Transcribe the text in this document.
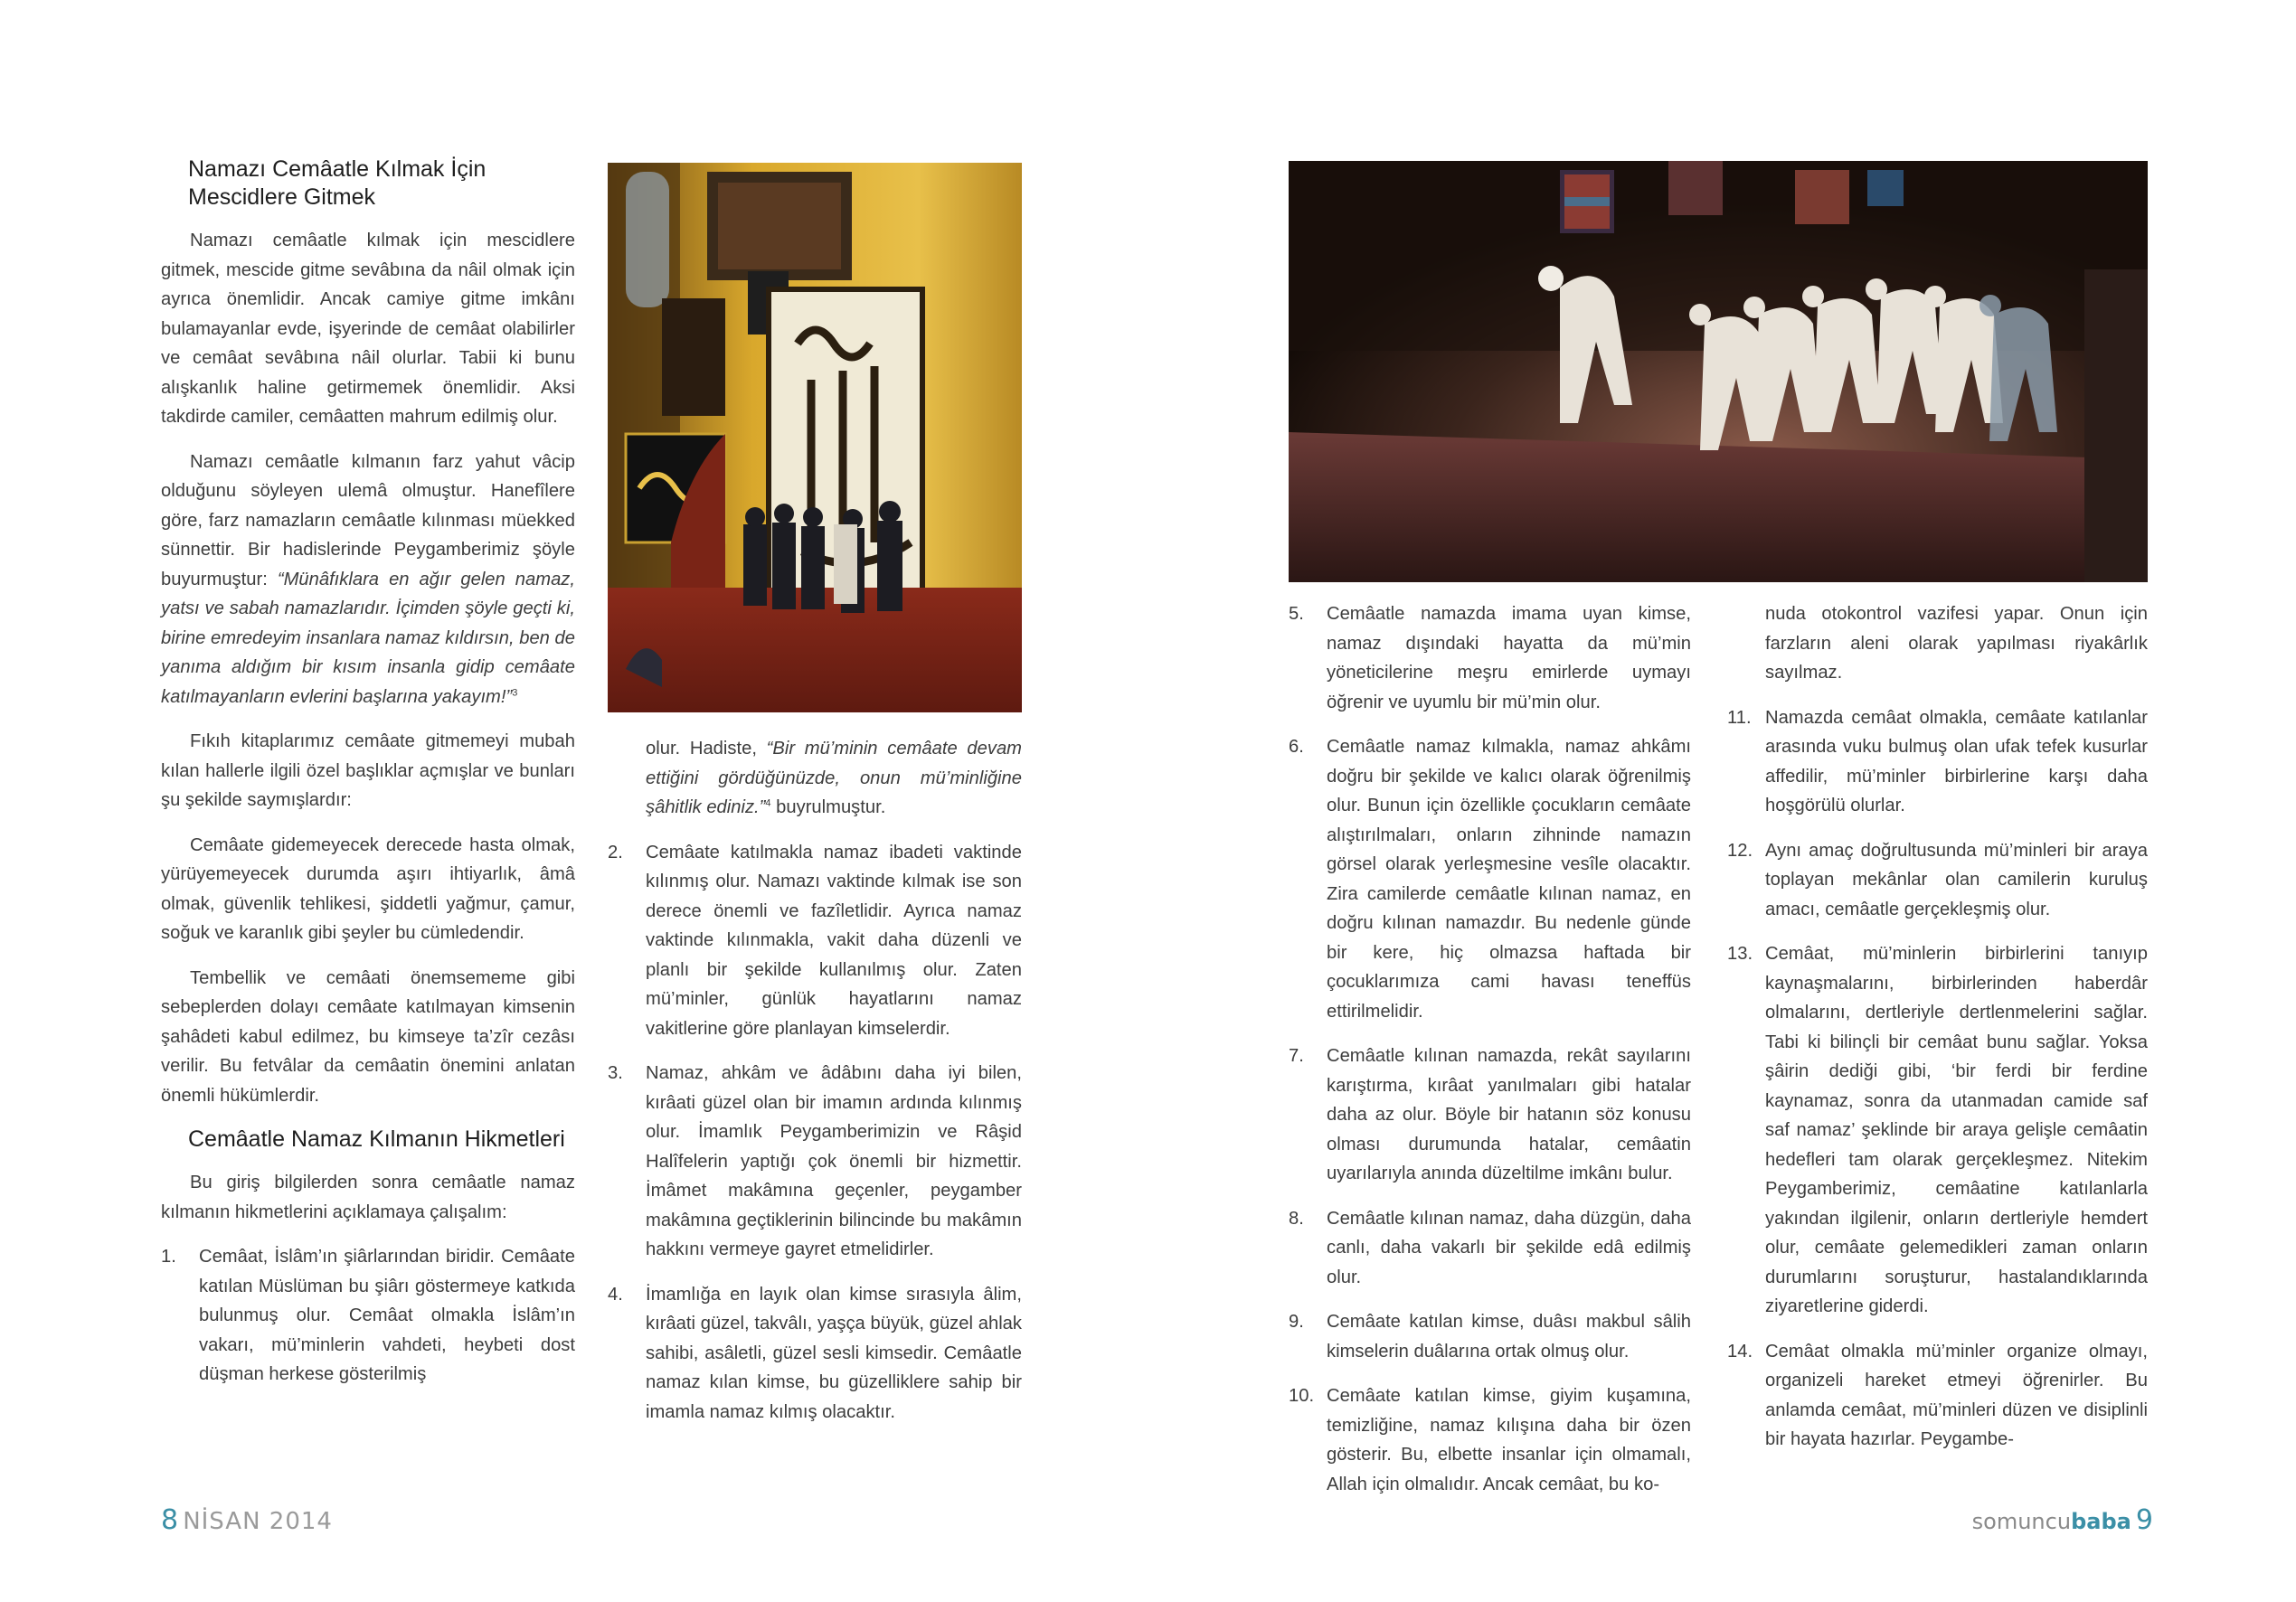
Namazı Cemâatle Kılmak İçin Mescidlere Gitmek

Namazı cemâatle kılmak için mescidlere gitmek, mescide gitme sevâbına da nâil olmak için ayrıca önemlidir. Ancak camiye gitme imkânı bulamayanlar evde, işyerinde de cemâat olabilirler ve cemâat sevâbına nâil olurlar. Tabii ki bunu alışkanlık haline getirmemek önemlidir. Aksi takdirde camiler, cemâatten mahrum edilmiş olur.

Namazı cemâatle kılmanın farz yahut vâcip olduğunu söyleyen ulemâ olmuştur. Hanefîlere göre, farz namazların cemâatle kılınması müekked sünnettir. Bir hadislerinde Peygamberimiz şöyle buyurmuştur: “Münâfıklara en ağır gelen namaz, yatsı ve sabah namazlarıdır. İçimden şöyle geçti ki, birine emredeyim insanlara namaz kıldırsın, ben de yanıma aldığım bir kısım insanla gidip cemâate katılmayanların evlerini başlarına yakayım!”$^3$

Fıkıh kitaplarımız cemâate gitmemeyi mubah kılan hallerle ilgili özel başlıklar açmışlar ve bunları şu şekilde saymışlardır:

Cemâate gidemeyecek derecede hasta olmak, yürüyemeyecek durumda aşırı ihtiyarlık, âmâ olmak, güvenlik tehlikesi, şiddetli yağmur, çamur, soğuk ve karanlık gibi şeyler bu cümledendir.

Tembellik ve cemâati önemsememe gibi sebeplerden dolayı cemâate katılmayan kimsenin şahâdeti kabul edilmez, bu kimseye ta’zîr cezâsı verilir. Bu fetvâlar da cemâatin önemini anlatan önemli hükümlerdir.

Cemâatle Namaz Kılmanın Hikmetleri

Bu giriş bilgilerden sonra cemâatle namaz kılmanın hikmetlerini açıklamaya çalışalım:

1.	Cemâat, İslâm’ın şiârlarından biridir. Cemâate katılan Müslüman bu şiârı göstermeye katkıda bulunmuş olur. Cemâat olmakla İslâm’ın vakarı, mü’minlerin vahdeti, heybeti dost düşman herkese gösterilmiş

olur. Hadiste, “Bir mü’minin cemâate devam ettiğini gördüğünüzde, onun mü’minliğine şâhitlik ediniz.”$^4$ buyrulmuştur.

2.	Cemâate katılmakla namaz ibadeti vaktinde kılınmış olur. Namazı vaktinde kılmak ise son derece önemli ve fazîletlidir. Ayrıca namaz vaktinde kılınmakla, vakit daha düzenli ve planlı bir şekilde kullanılmış olur. Zaten mü’minler, günlük hayatlarını namaz vakitlerine göre planlayan kimselerdir.
3.	Namaz, ahkâm ve âdâbını daha iyi bilen, kırâati güzel olan bir imamın ardında kılınmış olur. İmamlık Peygamberimizin ve Râşid Halîfelerin yaptığı çok önemli bir hizmettir. İmâmet makâmına geçenler, peygamber makâmına geçtiklerinin bilincinde bu makâmın hakkını vermeye gayret etmelidirler.
4.	İmamlığa en layık olan kimse sırasıyla âlim, kırâati güzel, takvâlı, yaşça büyük, güzel ahlak sahibi, asâletli, güzel sesli kimsedir. Cemâatle namaz kılan kimse, bu güzelliklere sahip bir imamla namaz kılmış olacaktır.
8 NİSAN 2014
5.	Cemâatle namazda imama uyan kimse, namaz dışındaki hayatta da mü’min yöneticilerine meşru emirlerde uymayı öğrenir ve uyumlu bir mü’min olur.
6.	Cemâatle namaz kılmakla, namaz ahkâmı doğru bir şekilde ve kalıcı olarak öğrenilmiş olur. Bunun için özellikle çocukların cemâate alıştırılmaları, onların zihninde namazın görsel olarak yerleşmesine vesîle olacaktır. Zira camilerde cemâatle kılınan namaz, en doğru kılınan namazdır. Bu nedenle günde bir kere, hiç olmazsa haftada bir çocuklarımıza cami havası teneffüs ettirilmelidir.
7.	Cemâatle kılınan namazda, rekât sayılarını karıştırma, kırâat yanılmaları gibi hatalar daha az olur. Böyle bir hatanın söz konusu olması durumunda hatalar, cemâatin uyarılarıyla anında düzeltilme imkânı bulur.
8.	Cemâatle kılınan namaz, daha düzgün, daha canlı, daha vakarlı bir şekilde edâ edilmiş olur.
9.	Cemâate katılan kimse, duâsı makbul sâlih kimselerin duâlarına ortak olmuş olur.
10. Cemâate katılan kimse, giyim kuşamına, temizliğine, namaz kılışına daha bir özen gösterir. Bu, elbette insanlar için olmamalı, Allah için olmalıdır. Ancak cemâat, bu ko-

nuda otokontrol vazifesi yapar. Onun için farzların aleni olarak yapılması riyakârlık sayılmaz.

11. Namazda cemâat olmakla, cemâate katılanlar arasında vuku bulmuş olan ufak tefek kusurlar affedilir, mü’minler birbirlerine karşı daha hoşgörülü olurlar.
12. Aynı amaç doğrultusunda mü’minleri bir araya toplayan mekânlar olan camilerin kuruluş amacı, cemâatle gerçekleşmiş olur.
13. Cemâat, mü’minlerin birbirlerini tanıyıp kaynaşmalarını, birbirlerinden haberdâr olmalarını, dertleriyle dertlenmelerini sağlar. Tabi ki bilinçli bir cemâat bunu sağlar. Yoksa şâirin dediği gibi, ‘bir ferdi bir ferdine kaynamaz, sonra da utanmadan camide saf saf namaz’ şeklinde bir araya gelişle cemâatin hedefleri tam olarak gerçekleşmez. Nitekim Peygamberimiz, cemâatine katılanlarla yakından ilgilenir, onların dertleriyle hemdert olur, cemâate gelemedikleri zaman onların durumlarını soruşturur, hastalandıklarında ziyaretlerine giderdi.
14. Cemâat olmakla mü’minler organize olmayı, organizeli hareket etmeyi öğrenirler. Bu anlamda cemâat, mü’minleri düzen ve disiplinli bir hayata hazırlar. Peygambe-
somuncubaba 9
